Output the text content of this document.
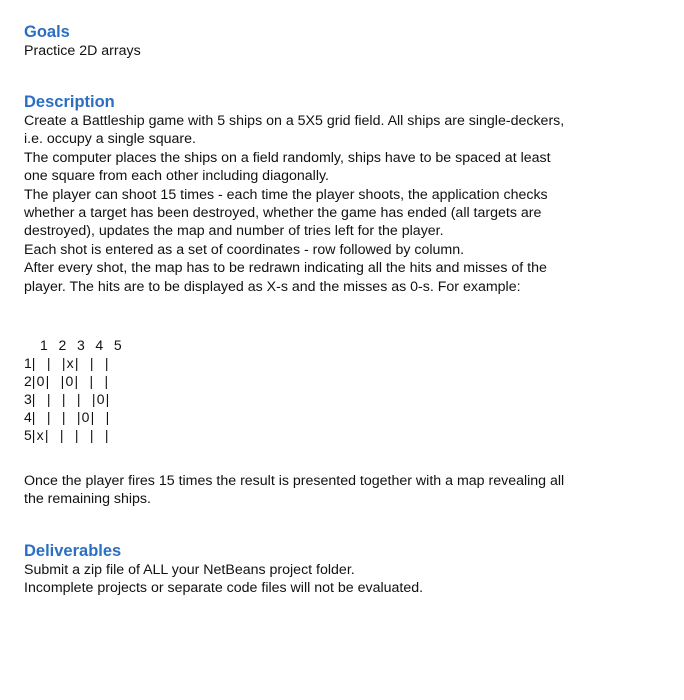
Goals

Practice 2D arrays

Description

Create a Battleship game with 5 ships on a 5X5 grid field. All ships are single-deckers,
i.e. occupy a single square.
The computer places the ships on a field randomly, ships have to be spaced at least
one square from each other including diagonally.
The player can shoot 15 times - each time the player shoots, the application checks
whether a target has been destroyed, whether the game has ended (all targets are
destroyed), updates the map and number of tries left for the player.
Each shot is entered as a set of coordinates - row followed by column.
After every shot, the map has to be redrawn indicating all the hits and misses of the
player. The hits are to be displayed as X-s and the misses as 0-s. For example:

1 2 3 4 5
1|  |  |x|  |  |
2|0|  |0|  |  |
3|  |  |  |  |0|
4|  |  |  |0|  |
5|x|  |  |  |  |

Once the player fires 15 times the result is presented together with a map revealing all
the remaining ships.

Deliverables

Submit a zip file of ALL your NetBeans project folder.
Incomplete projects or separate code files will not be evaluated.
